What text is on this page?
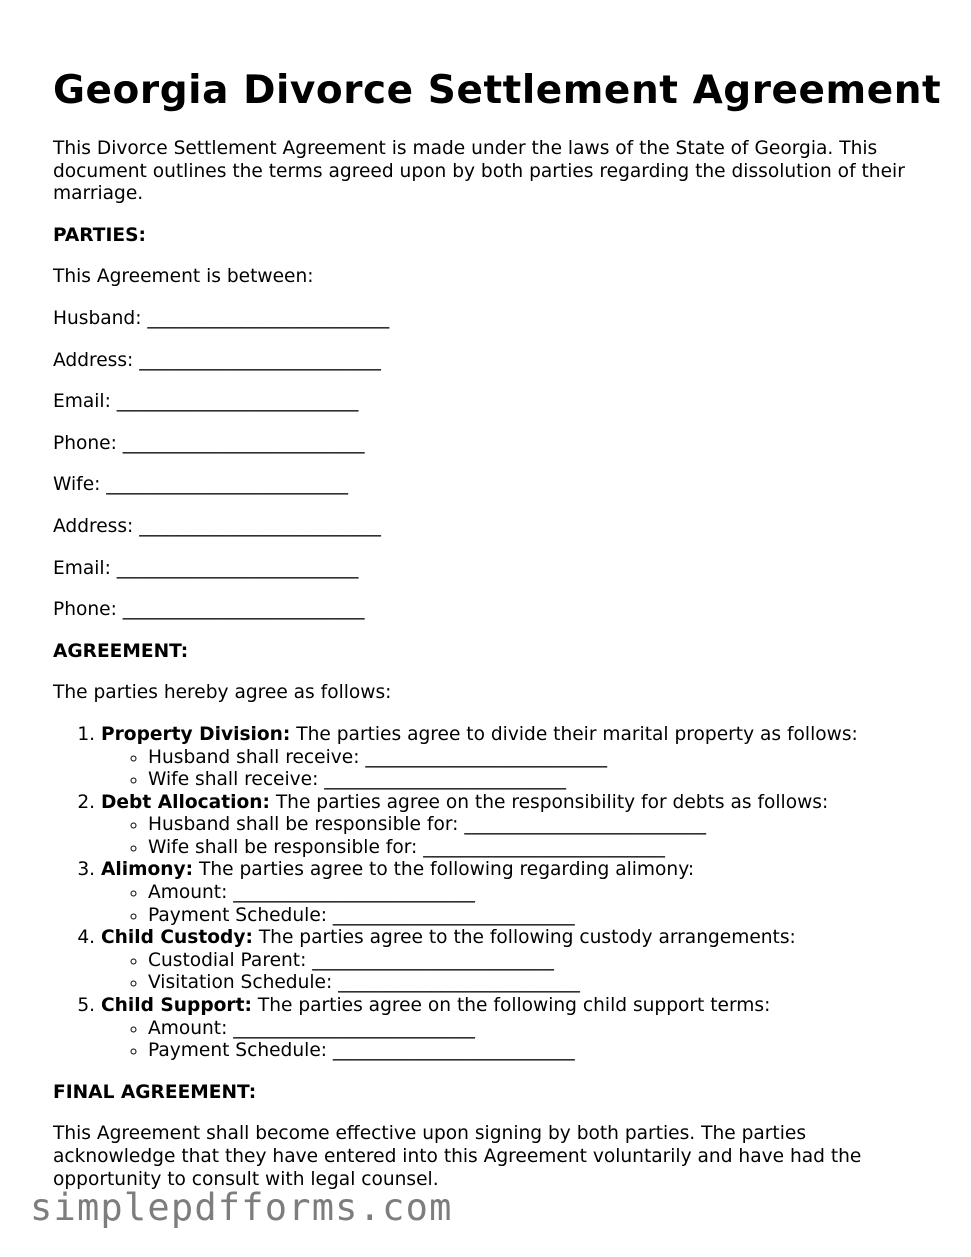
Georgia Divorce Settlement Agreement

This Divorce Settlement Agreement is made under the laws of the State of Georgia. This document outlines the terms agreed upon by both parties regarding the dissolution of their marriage.

PARTIES:

This Agreement is between:

Husband: __________________________

Address: __________________________

Email: __________________________

Phone: __________________________

Wife: __________________________

Address: __________________________

Email: __________________________

Phone: __________________________

AGREEMENT:

The parties hereby agree as follows:

1. Property Division: The parties agree to divide their marital property as follows:
◦ Husband shall receive: __________________________
◦ Wife shall receive: __________________________
2. Debt Allocation: The parties agree on the responsibility for debts as follows:
◦ Husband shall be responsible for: __________________________
◦ Wife shall be responsible for: __________________________
3. Alimony: The parties agree to the following regarding alimony:
◦ Amount: __________________________
◦ Payment Schedule: __________________________
4. Child Custody: The parties agree to the following custody arrangements:
◦ Custodial Parent: __________________________
◦ Visitation Schedule: __________________________
5. Child Support: The parties agree on the following child support terms:
◦ Amount: __________________________
◦ Payment Schedule: __________________________

FINAL AGREEMENT:

This Agreement shall become effective upon signing by both parties. The parties acknowledge that they have entered into this Agreement voluntarily and have had the opportunity to consult with legal counsel.

simplepdfforms.com
